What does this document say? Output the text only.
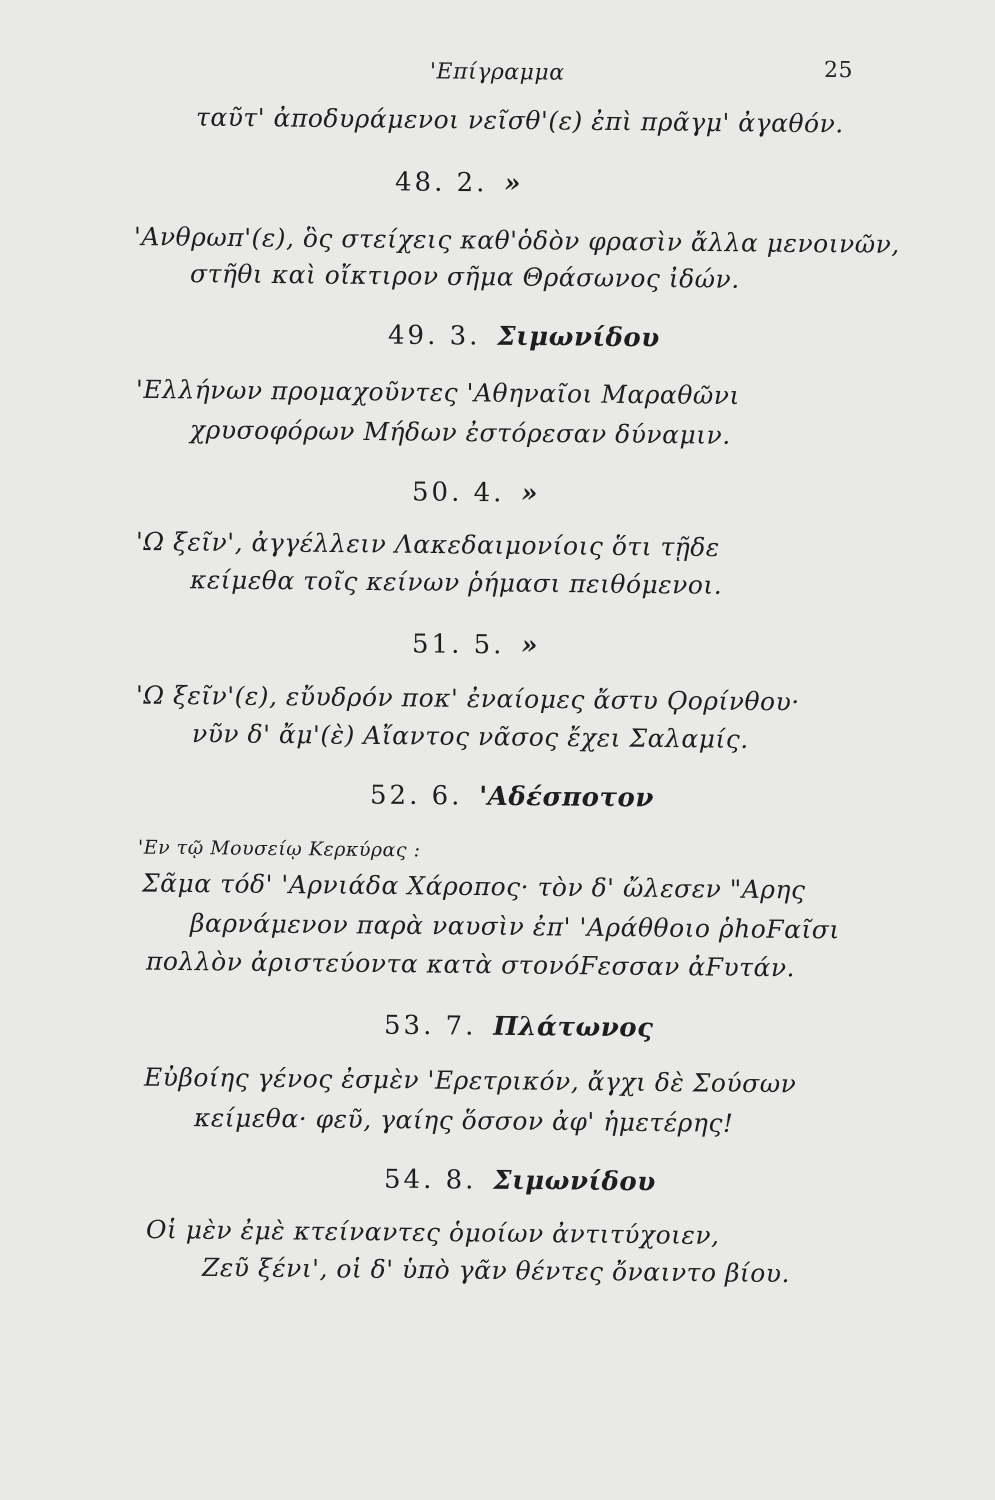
'Επίγραμμα	25
ταῦτ' ἀποδυράμενοι νεῖσθ'(ε) ἐπὶ πρᾶγμ' ἀγαθόν.
48. 2. »
'Ανθρωπ'(ε), ὃς στείχεις καθ'ὁδὸν φρασὶν ἄλλα μενοινῶν,
στῆθι καὶ οἴκτιρον σῆμα Θράσωνος ἰδών.
49. 3. Σιμωνίδου
'Ελλήνων προμαχοῦντες 'Αθηναῖοι Μαραθῶνι
χρυσοφόρων Μήδων ἐστόρεσαν δύναμιν.
50. 4. »
'Ω ξεῖν', ἀγγέλλειν Λακεδαιμονίοις ὅτι τῇδε
κείμεθα τοῖς κείνων ῥήμασι πειθόμενοι.
51. 5. »
'Ω ξεῖν'(ε), εὔυδρόν ποκ' ἐναίομες ἄστυ Ϙορίνθου·
νῦν δ' ἄμ'(ὲ) Αἴαντος νᾶσος ἔχει Σαλαμίς.
52. 6. 'Αδέσποτον
'Εν τῷ Μουσείῳ Κερκύρας :
Σᾶμα τόδ' 'Αρνιάδα Χάροπος· τὸν δ' ὤλεσεν "Αρης
βαρνάμενον παρὰ ναυσὶν ἐπ' 'Αράθθοιο ῥhοϜαῖσι
πολλὸν ἀριστεύοντα κατὰ στονόϜεσσαν ἀϜυτάν.
53. 7. Πλάτωνος
Εὐβοίης γένος ἐσμὲν 'Ερετρικόν, ἄγχι δὲ Σούσων
κείμεθα· φεῦ, γαίης ὅσσον ἀφ' ἡμετέρης!
54. 8. Σιμωνίδου
Οἱ μὲν ἐμὲ κτείναντες ὁμοίων ἀντιτύχοιεν,
Ζεῦ ξένι', οἱ δ' ὑπὸ γᾶν θέντες ὄναιντο βίου.
